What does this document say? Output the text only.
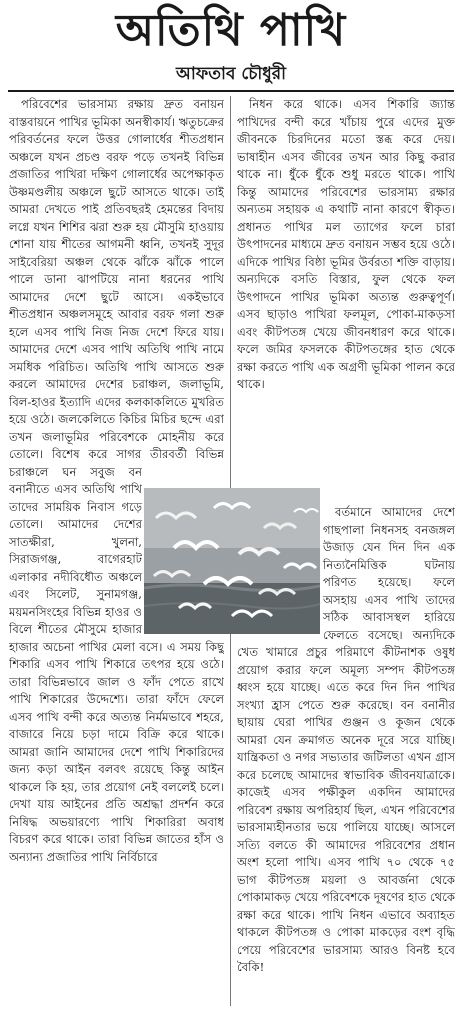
অতিথি পাখি
আফতাব চৌধুরী

পরিবেশের ভারসাম্য রক্ষায় দ্রুত বনায়ন বাস্তবায়নে পাখির ভূমিকা অনস্বীকার্য। ঋতুচক্রের পরিবর্তনের ফলে উত্তর গোলার্ধের শীতপ্রধান অঞ্চলে যখন প্রচণ্ড বরফ পড়ে তখনই বিভিন্ন প্রজাতির পাখিরা দক্ষিণ গোলার্ধের অপেক্ষাকৃত উষ্ণমণ্ডলীয় অঞ্চলে ছুটে আসতে থাকে। তাই আমরা দেখতে পাই প্রতিবছরই হেমন্তের বিদায় লগ্নে যখন শিশির ঝরা শুরু হয় মৌসুমি হাওয়ায় শোনা যায় শীতের আগমনী ধ্বনি, তখনই সুদূর সাইবেরিয়া অঞ্চল থেকে ঝাঁকে ঝাঁকে পালে পালে ডানা ঝাপটিয়ে নানা ধরনের পাখি আমাদের দেশে ছুটে আসে। একইভাবে শীতপ্রধান অঞ্চলসমূহে আবার বরফ গলা শুরু হলে এসব পাখি নিজ নিজ দেশে ফিরে যায়। আমাদের দেশে এসব পাখি অতিথি পাখি নামে সমধিক পরিচিত। অতিথি পাখি আসতে শুরু করলে আমাদের দেশের চরাঞ্চল, জলাভূমি, বিল-হাওর ইত্যাদি এদের কলকাকলিতে মুখরিত হয়ে ওঠে। জলকেলিতে কিচির মিচির ছন্দে এরা তখন জলাভূমির পরিবেশকে মোহনীয় করে তোলে। বিশেষ করে সাগর তীরবর্তী বিভিন্ন চরাঞ্চলে ঘন সবুজ বন বনানীতে এসব অতিথি পাখি তাদের সাময়িক নিবাস গড়ে তোলে। আমাদের দেশের সাতক্ষীরা, খুলনা, সিরাজগঞ্জ, বাগেরহাট এলাকার নদীবিধৌত অঞ্চলে এবং সিলেট, সুনামগঞ্জ, ময়মনসিংহের বিভিন্ন হাওর ও বিলে শীতের মৌসুমে হাজার হাজার অচেনা পাখির মেলা বসে। এ সময় কিছু শিকারি এসব পাখি শিকারে তৎপর হয়ে ওঠে। তারা বিভিন্নভাবে জাল ও ফাঁদ পেতে রাখে পাখি শিকারের উদ্দেশ্যে। তারা ফাঁদে ফেলে এসব পাখি বন্দী করে অত্যন্ত নির্মমভাবে শহরে, বাজারে নিয়ে চড়া দামে বিক্রি করে থাকে। আমরা জানি আমাদের দেশে পাখি শিকারিদের জন্য কড়া আইন বলবৎ রয়েছে কিন্তু আইন থাকলে কি হয়, তার প্রয়োগ নেই বললেই চলে। দেখা যায় আইনের প্রতি অশ্রদ্ধা প্রদর্শন করে নিষিদ্ধ অভয়ারণ্যে পাখি শিকারিরা অবাধ বিচরণ করে থাকে। তারা বিভিন্ন জাতের হাঁস ও অন্যান্য প্রজাতির পাখি নির্বিচারে

নিধন করে থাকে। এসব শিকারি জ্যান্ত পাখিদের বন্দী করে খাঁচায় পুরে এদের মুক্ত জীবনকে চিরদিনের মতো স্তব্ধ করে দেয়। ভাষাহীন এসব জীবের তখন আর কিছু করার থাকে না। ধুঁকে ধুঁকে শুধু মরতে থাকে। পাখি কিন্তু আমাদের পরিবেশের ভারসাম্য রক্ষার অন্যতম সহায়ক এ কথাটি নানা কারণে স্বীকৃত। প্রধানত পাখির মল ত্যাগের ফলে চারা উৎপাদনের মাধ্যমে দ্রুত বনায়ন সম্ভব হয়ে ওঠে। এদিকে পাখির বিষ্ঠা ভূমির উর্বরতা শক্তি বাড়ায়। অন্যদিকে বসতি বিস্তার, ফুল থেকে ফল উৎপাদনে পাখির ভূমিকা অত্যন্ত গুরুত্বপূর্ণ। এসব ছাড়াও পাখিরা ফলমূল, পোকা-মাকড়সা এবং কীটপতঙ্গ খেয়ে জীবনধারণ করে থাকে। ফলে জমির ফসলকে কীটপতঙ্গের হাত থেকে রক্ষা করতে পাখি এক অগ্রণী ভূমিকা পালন করে থাকে।

বর্তমানে আমাদের দেশে গাছপালা নিধনসহ বনজঙ্গল উজাড় যেন দিন দিন এক নিত্যনৈমিত্তিক ঘটনায় পরিণত হয়েছে। ফলে অসহায় এসব পাখি তাদের সঠিক আবাসস্থল হারিয়ে ফেলতে বসেছে। অন্যদিকে খেত খামারে প্রচুর পরিমাণে কীটনাশক ওষুধ প্রয়োগ করার ফলে অমূল্য সম্পদ কীটপতঙ্গ ধ্বংস হয়ে যাচ্ছে। এতে করে দিন দিন পাখির সংখ্যা হ্রাস পেতে শুরু করেছে। বন বনানীর ছায়ায় ঘেরা পাখির গুঞ্জন ও কূজন থেকে আমরা যেন ক্রমাগত অনেক দূরে সরে যাচ্ছি। যান্ত্রিকতা ও নগর সভ্যতার জটিলতা এখন গ্রাস করে চলেছে আমাদের স্বাভাবিক জীবনযাত্রাকে। কাজেই এসব পক্ষীকুল একদিন আমাদের পরিবেশ রক্ষায় অপরিহার্য ছিল, এখন পরিবেশের ভারসাম্যহীনতার ভয়ে পালিয়ে যাচ্ছে। আসলে সত্যি বলতে কী আমাদের পরিবেশের প্রধান অংশ হলো পাখি। এসব পাখি ৭০ থেকে ৭৫ ভাগ কীটপতঙ্গ ময়লা ও আবর্জনা থেকে পোকামাকড় খেয়ে পরিবেশকে দূষণের হাত থেকে রক্ষা করে থাকে। পাখি নিধন এভাবে অব্যাহত থাকলে কীটপতঙ্গ ও পোকা মাকড়ের বংশ বৃদ্ধি পেয়ে পরিবেশের ভারসাম্য আরও বিনষ্ট হবে বৈকি!
